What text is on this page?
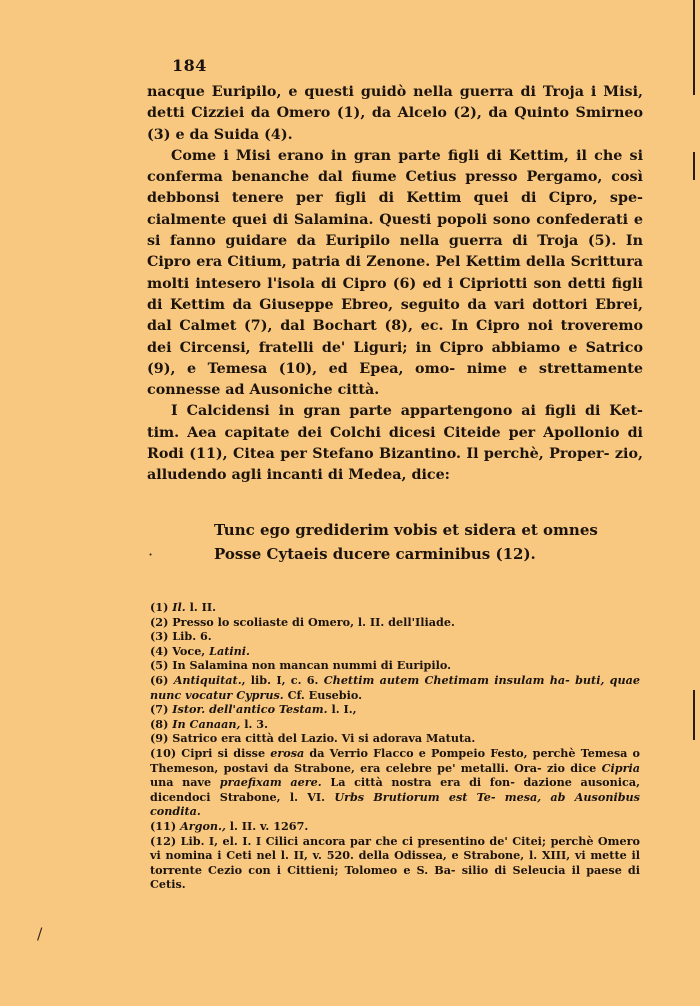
184

nacque Euripilo, e questi guidò nella guerra di Troja i Misi, detti Cizziei da Omero (1), da Alcelo (2), da Quinto Smirneo (3) e da Suida (4).

Come i Misi erano in gran parte figli di Kettim, il che si conferma benanche dal fiume Cetius presso Pergamo, così debbonsi tenere per figli di Kettim quei di Cipro, spe- cialmente quei di Salamina. Questi popoli sono confederati e si fanno guidare da Euripilo nella guerra di Troja (5). In Cipro era Citium, patria di Zenone. Pel Kettim della Scrittura molti intesero l'isola di Cipro (6) ed i Cipriotti son detti figli di Kettim da Giuseppe Ebreo, seguito da vari dottori Ebrei, dal Calmet (7), dal Bochart (8), ec. In Cipro noi troveremo dei Circensi, fratelli de' Liguri; in Cipro abbiamo e Satrico (9), e Temesa (10), ed Epea, omo- nime e strettamente connesse ad Ausoniche città.

I Calcidensi in gran parte appartengono ai figli di Ket- tim. Aea capitate dei Colchi dicesi Citeide per Apollonio di Rodi (11), Citea per Stefano Bizantino. Il perchè, Proper- zio, alludendo agli incanti di Medea, dice:

Tunc ego grediderim vobis et sidera et omnes
Posse Cytaeis ducere carminibus (12).
(1) Il. l. II.
(2) Presso lo scoliaste di Omero, l. II. dell'Iliade.
(3) Lib. 6.
(4) Voce, Latini.
(5) In Salamina non mancan nummi di Euripilo.
(6) Antiquitat., lib. I, c. 6. Chettim autem Chetimam insulam ha- buti, quae nunc vocatur Cyprus. Cf. Eusebio.
(7) Istor. dell'antico Testam. l. I.,
(8) In Canaan, l. 3.
(9) Satrico era città del Lazio. Vi si adorava Matuta.
(10) Cipri si disse erosa da Verrio Flacco e Pompeio Festo, perchè Temesa o Themeson, postavi da Strabone, era celebre pe' metalli. Ora- zio dice Cipria una nave praefixam aere. La città nostra era di fon- dazione ausonica, dicendoci Strabone, l. VI. Urbs Brutiorum est Te- mesa, ab Ausonibus condita.
(11) Argon., l. II. v. 1267.
(12) Lib. I, el. I. I Cilici ancora par che ci presentino de' Citei; perchè Omero vi nomina i Ceti nel l. II, v. 520. della Odissea, e Strabone, l. XIII, vi mette il torrente Cezio con i Cittieni; Tolomeo e S. Ba- silio di Seleucia il paese di Cetis.
/
·
